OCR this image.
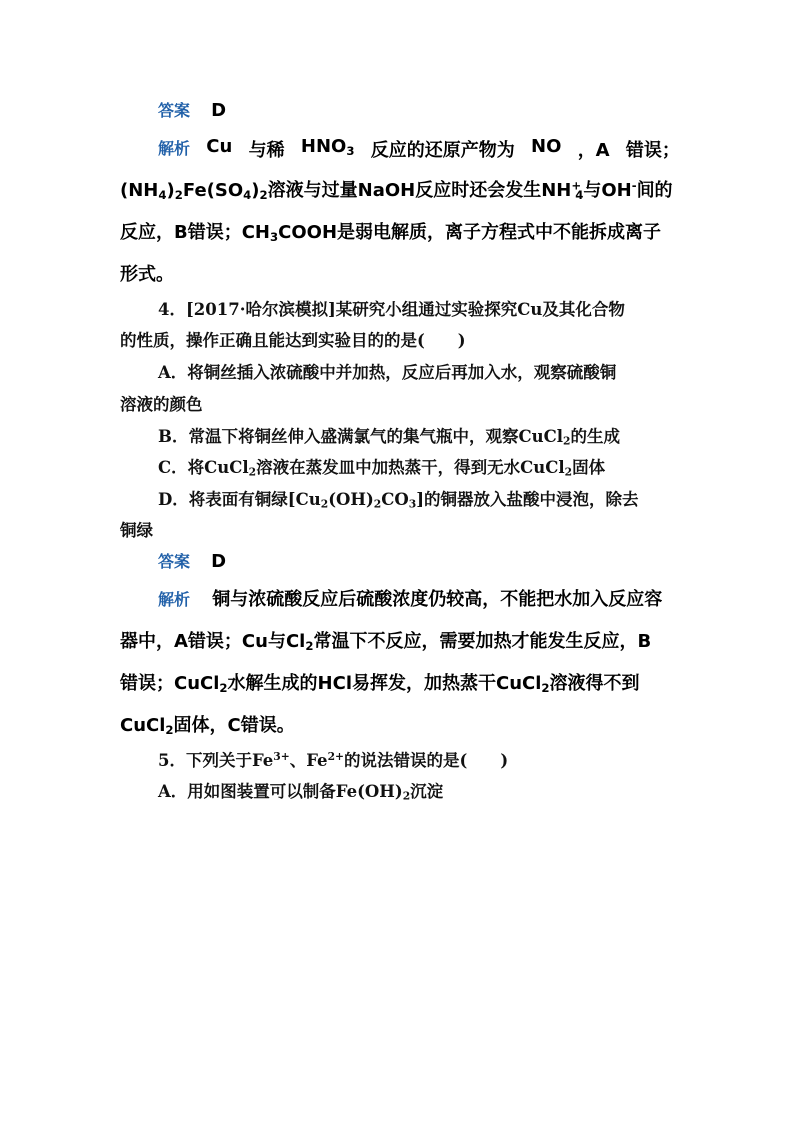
答案 D
解析 Cu 与稀 $HNO_3$ 反应的还原产物为 NO ，A 错误；
$(NH_4)_2Fe(SO_4)_2$溶液与过量NaOH反应时还会发生$NH^+_4$与OH-间的
反应，B错误；$CH_3COOH$是弱电解质，离子方程式中不能拆成离子
形式。
4．[2017·哈尔滨模拟]某研究小组通过实验探究Cu及其化合物
的性质，操作正确且能达到实验目的的是(　　)
A．将铜丝插入浓硫酸中并加热，反应后再加入水，观察硫酸铜
溶液的颜色
B．常温下将铜丝伸入盛满氯气的集气瓶中，观察CuCl$_2$的生成
C．将CuCl$_2$溶液在蒸发皿中加热蒸干，得到无水CuCl$_2$固体
D．将表面有铜绿$[Cu_2(OH)_2CO_3]$的铜器放入盐酸中浸泡，除去
铜绿
答案 D
解析 铜与浓硫酸反应后硫酸浓度仍较高，不能把水加入反应容
器中，A错误；Cu与$Cl_2$常温下不反应，需要加热才能发生反应，B
错误；CuCl$_2$水解生成的HCl易挥发，加热蒸干CuCl$_2$溶液得不到
CuCl$_2$固体，C错误。
5．下列关于$Fe^{3+}$、$Fe^{2+}$的说法错误的是(　　)
A．用如图装置可以制备$Fe(OH)_2$沉淀
